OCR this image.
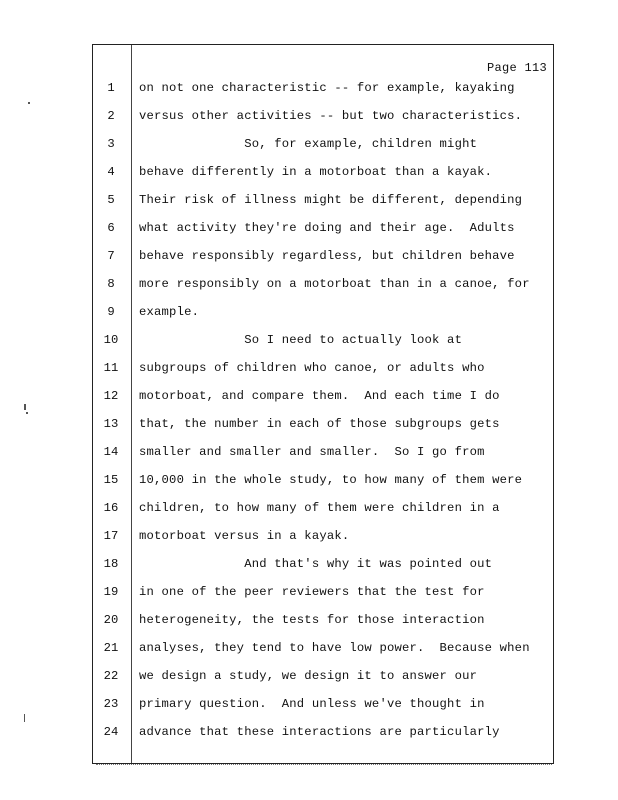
Page 113
1	on not one characteristic -- for example, kayaking
2	versus other activities -- but two characteristics.
3	So, for example, children might
4	behave differently in a motorboat than a kayak.
5	Their risk of illness might be different, depending
6	what activity they're doing and their age.  Adults
7	behave responsibly regardless, but children behave
8	more responsibly on a motorboat than in a canoe, for
9	example.
10	So I need to actually look at
11	subgroups of children who canoe, or adults who
12	motorboat, and compare them.  And each time I do
13	that, the number in each of those subgroups gets
14	smaller and smaller and smaller.  So I go from
15	10,000 in the whole study, to how many of them were
16	children, to how many of them were children in a
17	motorboat versus in a kayak.
18	And that's why it was pointed out
19	in one of the peer reviewers that the test for
20	heterogeneity, the tests for those interaction
21	analyses, they tend to have low power.  Because when
22	we design a study, we design it to answer our
23	primary question.  And unless we've thought in
24	advance that these interactions are particularly
